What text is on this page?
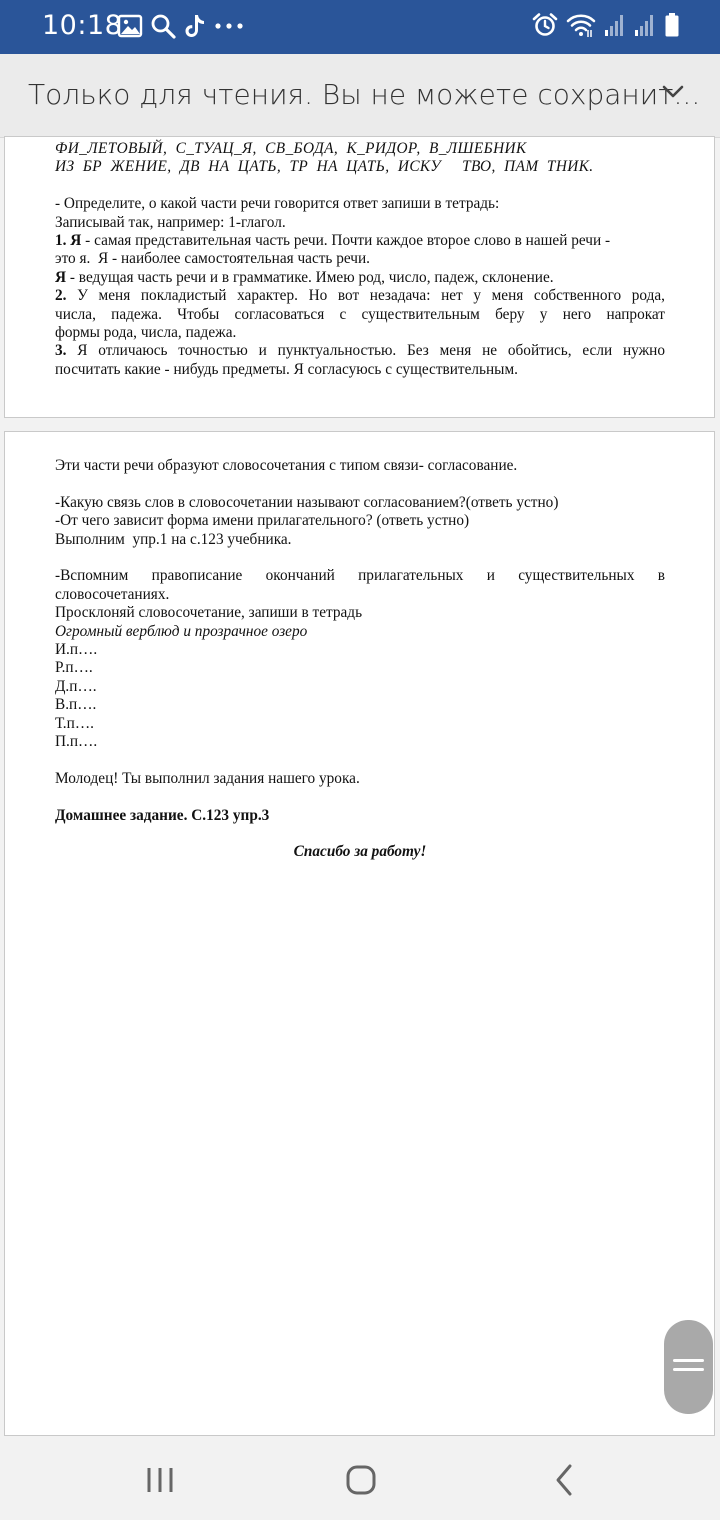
10:18
Только для чтения. Вы не можете сохранит...
ФИ_ЛЕТОВЫЙ,  С_ТУАЦ_Я,  СВ_БОДА,  К_РИДОР,  В_ЛШЕБНИК
ИЗ  БР  ЖЕНИЕ,  ДВ  НА  ЦАТЬ,  ТР  НА  ЦАТЬ,  ИСКУ     ТВО,  ПАМ  ТНИК.
- Определите, о какой части речи говорится ответ запиши в тетрадь:
Записывай так, например: 1-глагол.
1. Я - самая представительная часть речи. Почти каждое второе слово в нашей речи -
это я.  Я - наиболее самостоятельная часть речи.
Я - ведущая часть речи и в грамматике. Имею род, число, падеж, склонение.
2. У меня покладистый характер. Но вот незадача: нет у меня собственного рода,
числа, падежа. Чтобы согласоваться с существительным беру у него напрокат
формы рода, числа, падежа.
3. Я отличаюсь точностью и пунктуальностью. Без меня не обойтись, если нужно
посчитать какие - нибудь предметы. Я согласуюсь с существительным.
Эти части речи образуют словосочетания с типом связи- согласование.
-Какую связь слов в словосочетании называют согласованием?(ответь устно)
-От чего зависит форма имени прилагательного? (ответь устно)
Выполним  упр.1 на с.123 учебника.
-Вспомним правописание окончаний прилагательных и существительных в
словосочетаниях.
Просклоняй словосочетание, запиши в тетрадь
Огромный верблюд и прозрачное озеро
И.п….
Р.п….
Д.п….
В.п….
Т.п….
П.п….
Молодец! Ты выполнил задания нашего урока.
Домашнее задание. С.123 упр.3
Спасибо за работу!
